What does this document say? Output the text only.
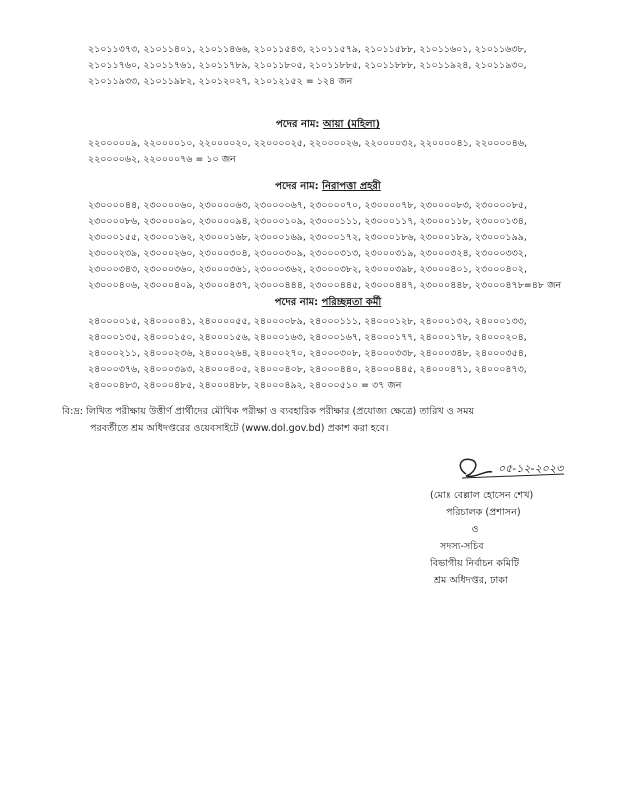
২১০১১৩৭৩, ২১০১১৪০১, ২১০১১৪৬৬, ২১০১১৫৪৩, ২১০১১৫৭৯, ২১০১১৫৮৮, ২১০১১৬০১, ২১০১১৬৩৮,
২১০১১৭৬০, ২১০১১৭৬১, ২১০১১৭৮৯, ২১০১১৮০৫, ২১০১১৮৮৫, ২১০১১৮৮৮, ২১০১১৯২৪, ২১০১১৯৩০,
২১০১১৯৩৩, ২১০১১৯৮২, ২১০১২০২৭, ২১০১২১৫২ = ১২৪ জন
পদের নাম: আয়া (মহিলা)
২২০০০০০৯, ২২০০০০১০, ২২০০০০২০, ২২০০০০২৫, ২২০০০০২৬, ২২০০০০৩২, ২২০০০০৪১, ২২০০০০৪৬,
২২০০০০৬২, ২২০০০০৭৬ = ১০ জন
পদের নাম: নিরাপত্তা প্রহরী
২৩০০০০৪৪, ২৩০০০০৬০, ২৩০০০০৬৩, ২৩০০০০৬৭, ২৩০০০০৭০, ২৩০০০০৭৮, ২৩০০০০৮৩, ২৩০০০০৮৫,
২৩০০০০৮৬, ২৩০০০০৯০, ২৩০০০০৯৪, ২৩০০০১০৯, ২৩০০০১১১, ২৩০০০১১৭, ২৩০০০১১৮, ২৩০০০১৩৪,
২৩০০০১৫৫, ২৩০০০১৬২, ২৩০০০১৬৮, ২৩০০০১৬৯, ২৩০০০১৭২, ২৩০০০১৮৬, ২৩০০০১৮৯, ২৩০০০১৯৯,
২৩০০০২৩৯, ২৩০০০২৬০, ২৩০০০৩০৪, ২৩০০০৩০৯, ২৩০০০৩১৩, ২৩০০০৩১৯, ২৩০০০৩২৪, ২৩০০০৩৩২,
২৩০০০৩৪৩, ২৩০০০৩৬০, ২৩০০০৩৬১, ২৩০০০৩৬২, ২৩০০০৩৮২, ২৩০০০৩৯৮, ২৩০০০৪০১, ২৩০০০৪০২,
২৩০০০৪০৬, ২৩০০০৪০৯, ২৩০০০৪৩৭, ২৩০০০৪৪৪, ২৩০০০৪৪৫, ২৩০০০৪৪৭, ২৩০০০৪৪৮, ২৩০০০৪৭৮=৪৮ জন
পদের নাম: পরিচ্ছন্নতা কর্মী
২৪০০০০১৫, ২৪০০০০৪১, ২৪০০০০৫৫, ২৪০০০০৮৯, ২৪০০০১১১, ২৪০০০১২৮, ২৪০০০১৩২, ২৪০০০১৩৩,
২৪০০০১৩৫, ২৪০০০১৫০, ২৪০০০১৫৬, ২৪০০০১৬৩, ২৪০০০১৬৭, ২৪০০০১৭৭, ২৪০০০১৭৮, ২৪০০০২০৪,
২৪০০০২১১, ২৪০০০২৩৬, ২৪০০০২৬৪, ২৪০০০২৭০, ২৪০০০৩০৮, ২৪০০০৩৩৮, ২৪০০০৩৪৮, ২৪০০০৩৫৪,
২৪০০০৩৭৬, ২৪০০০৩৯৩, ২৪০০০৪০৫, ২৪০০০৪০৮, ২৪০০০৪৪০, ২৪০০০৪৪৫, ২৪০০০৪৭১, ২৪০০০৪৭৩,
২৪০০০৪৮৩, ২৪০০০৪৮৫, ২৪০০০৪৮৮, ২৪০০০৪৯২, ২৪০০০৫১০ = ৩৭ জন
বি:দ্র: লিখিত পরীক্ষায় উত্তীর্ণ প্রার্থীদের মৌখিক পরীক্ষা ও ব্যবহারিক পরীক্ষার (প্রযোজ্য ক্ষেত্রে) তারিখ ও সময়
পরবর্তীতে শ্রম অধিদপ্তরের ওয়েবসাইটে (www.dol.gov.bd) প্রকাশ করা হবে।
০৫-১২-২০২৩
(মোঃ বেল্লাল হোসেন শেখ)
পরিচালক (প্রশাসন)
ও
সদস্য-সচিব
বিভাগীয় নির্বাচন কমিটি
শ্রম অধিদপ্তর, ঢাকা
